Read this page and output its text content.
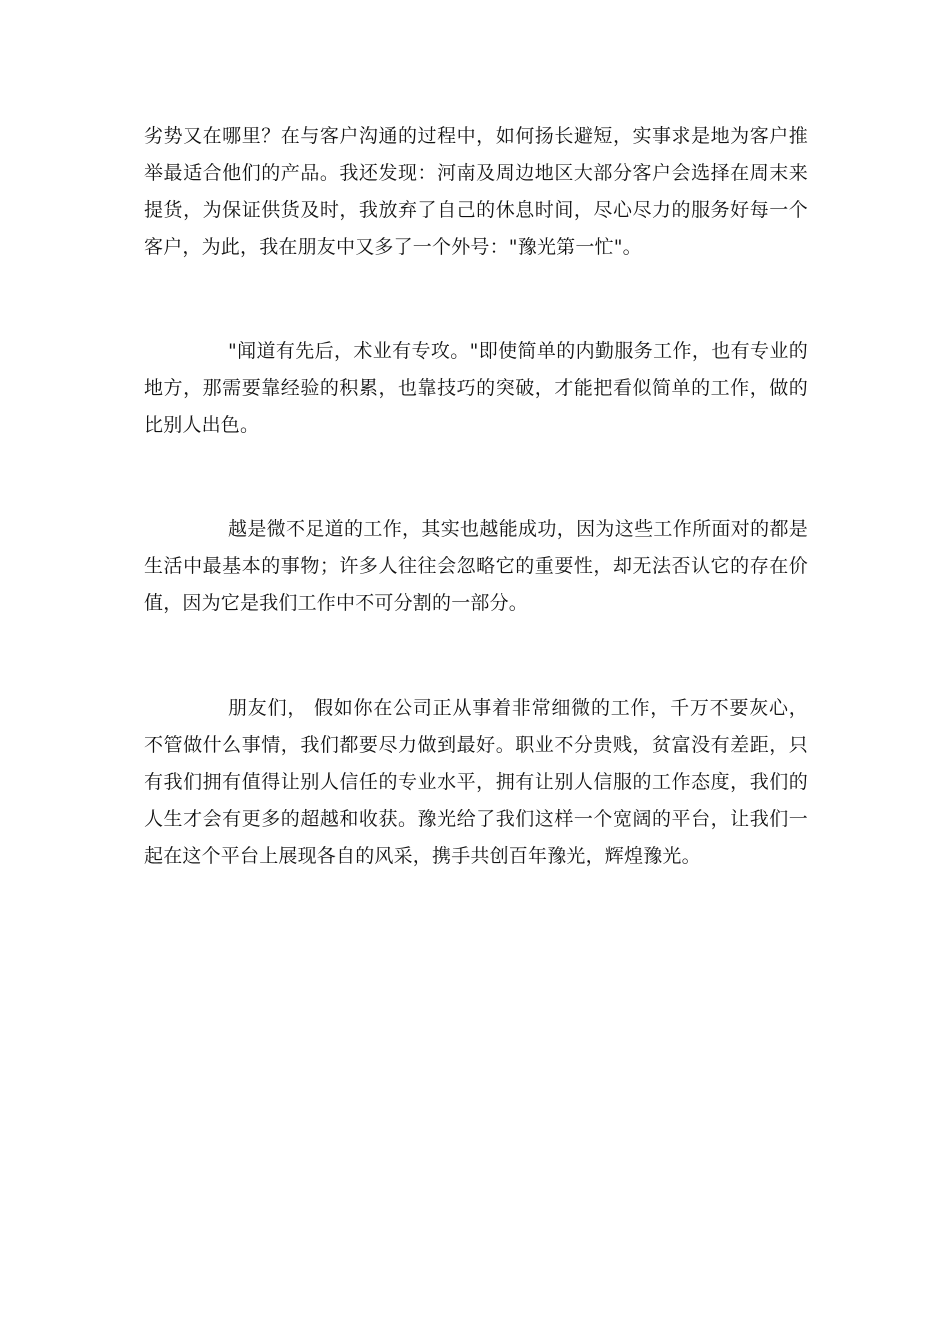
劣势又在哪里？在与客户沟通的过程中，如何扬长避短，实事求是地为客户推举最适合他们的产品。我还发现：河南及周边地区大部分客户会选择在周末来提货，为保证供货及时，我放弃了自己的休息时间，尽心尽力的服务好每一个客户，为此，我在朋友中又多了一个外号："豫光第一忙"。

"闻道有先后，术业有专攻。"即使简单的内勤服务工作，也有专业的地方，那需要靠经验的积累，也靠技巧的突破，才能把看似简单的工作，做的比别人出色。

越是微不足道的工作，其实也越能成功，因为这些工作所面对的都是生活中最基本的事物；许多人往往会忽略它的重要性，却无法否认它的存在价值，因为它是我们工作中不可分割的一部分。

朋友们， 假如你在公司正从事着非常细微的工作，千万不要灰心，不管做什么事情，我们都要尽力做到最好。职业不分贵贱，贫富没有差距，只有我们拥有值得让别人信任的专业水平，拥有让别人信服的工作态度，我们的人生才会有更多的超越和收获。豫光给了我们这样一个宽阔的平台，让我们一起在这个平台上展现各自的风采，携手共创百年豫光，辉煌豫光。
